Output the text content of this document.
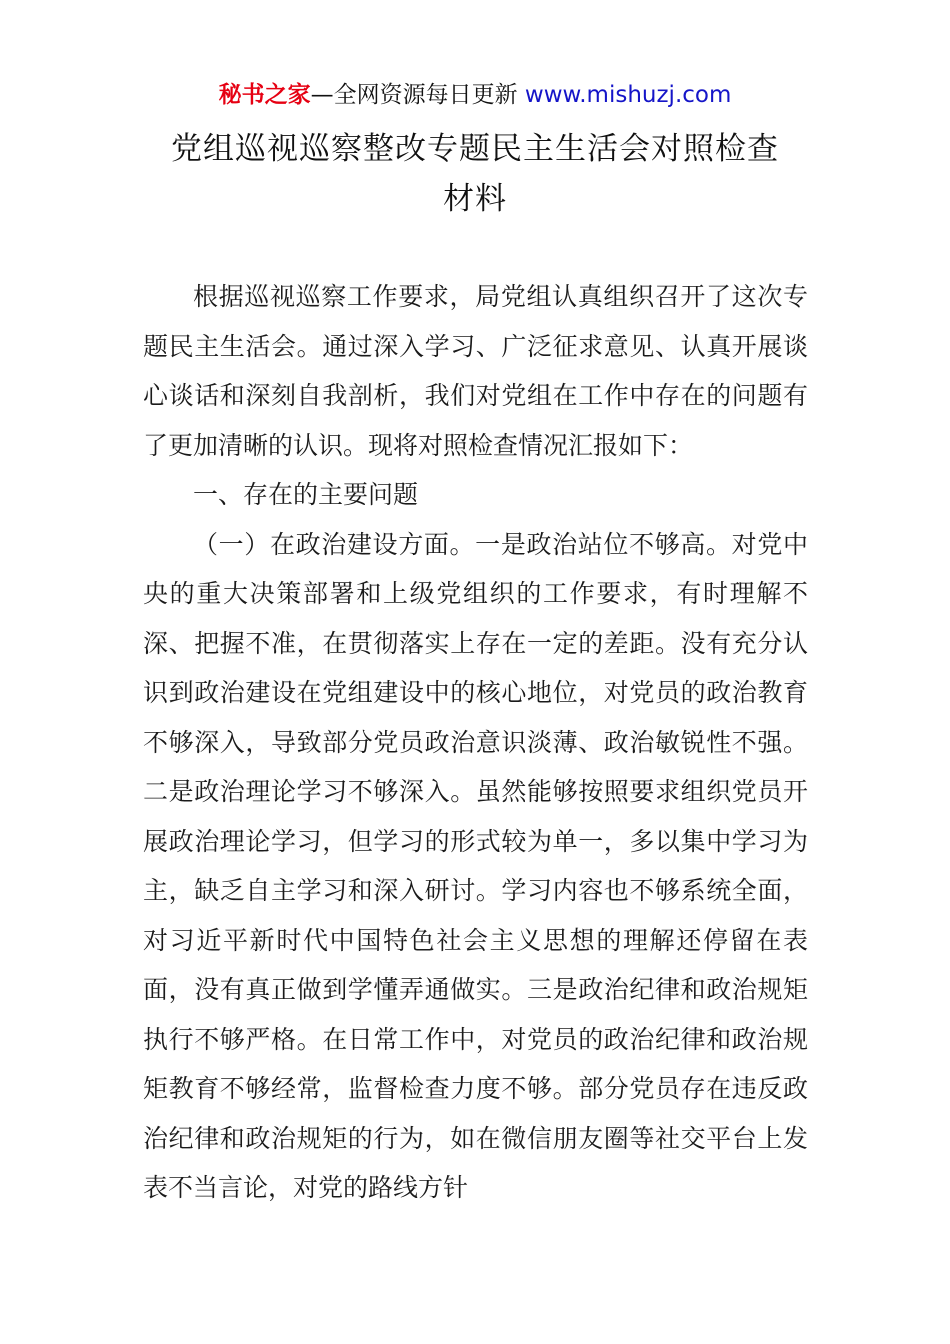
秘书之家—全网资源每日更新 www.mishuzj.com
党组巡视巡察整改专题民主生活会对照检查
材料

根据巡视巡察工作要求，局党组认真组织召开了这次专题民主生活会。通过深入学习、广泛征求意见、认真开展谈心谈话和深刻自我剖析，我们对党组在工作中存在的问题有了更加清晰的认识。现将对照检查情况汇报如下：

一、存在的主要问题

（一）在政治建设方面。一是政治站位不够高。对党中央的重大决策部署和上级党组织的工作要求，有时理解不深、把握不准，在贯彻落实上存在一定的差距。没有充分认识到政治建设在党组建设中的核心地位，对党员的政治教育不够深入，导致部分党员政治意识淡薄、政治敏锐性不强。二是政治理论学习不够深入。虽然能够按照要求组织党员开展政治理论学习，但学习的形式较为单一，多以集中学习为主，缺乏自主学习和深入研讨。学习内容也不够系统全面，对习近平新时代中国特色社会主义思想的理解还停留在表面，没有真正做到学懂弄通做实。三是政治纪律和政治规矩执行不够严格。在日常工作中，对党员的政治纪律和政治规矩教育不够经常，监督检查力度不够。部分党员存在违反政治纪律和政治规矩的行为，如在微信朋友圈等社交平台上发表不当言论，对党的路线方针
